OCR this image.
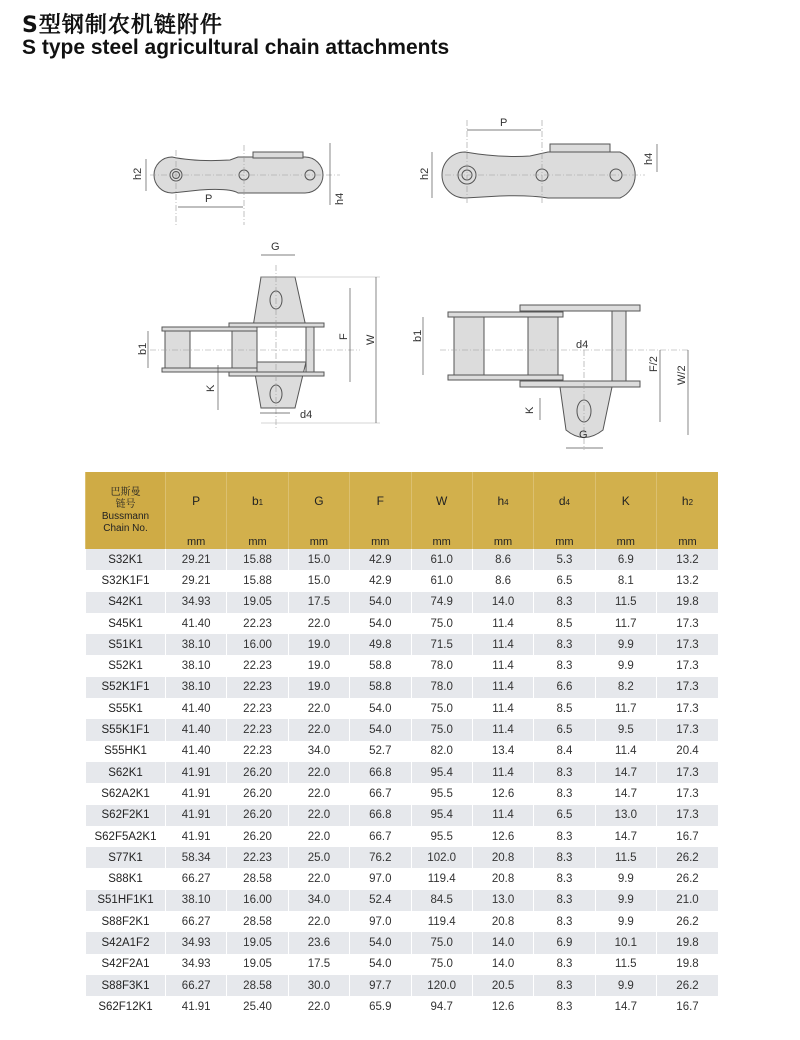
S型钢制农机链附件
S type steel agricultural chain attachments
P
h2
h4
P
h2
h4
G
F W
b1
K
d4
b1
F/2
W/2
K
d4
G
巴斯曼
链号
Bussmann
Chain No.	P	b1	G	F	W	h4	d4	K	h2
	mm	mm	mm	mm	mm	mm	mm	mm	mm
S32K1	29.21	15.88	15.0	42.9	61.0	8.6	5.3	6.9	13.2
S32K1F1	29.21	15.88	15.0	42.9	61.0	8.6	6.5	8.1	13.2
S42K1	34.93	19.05	17.5	54.0	74.9	14.0	8.3	11.5	19.8
S45K1	41.40	22.23	22.0	54.0	75.0	11.4	8.5	11.7	17.3
S51K1	38.10	16.00	19.0	49.8	71.5	11.4	8.3	9.9	17.3
S52K1	38.10	22.23	19.0	58.8	78.0	11.4	8.3	9.9	17.3
S52K1F1	38.10	22.23	19.0	58.8	78.0	11.4	6.6	8.2	17.3
S55K1	41.40	22.23	22.0	54.0	75.0	11.4	8.5	11.7	17.3
S55K1F1	41.40	22.23	22.0	54.0	75.0	11.4	6.5	9.5	17.3
S55HK1	41.40	22.23	34.0	52.7	82.0	13.4	8.4	11.4	20.4
S62K1	41.91	26.20	22.0	66.8	95.4	11.4	8.3	14.7	17.3
S62A2K1	41.91	26.20	22.0	66.7	95.5	12.6	8.3	14.7	17.3
S62F2K1	41.91	26.20	22.0	66.8	95.4	11.4	6.5	13.0	17.3
S62F5A2K1	41.91	26.20	22.0	66.7	95.5	12.6	8.3	14.7	16.7
S77K1	58.34	22.23	25.0	76.2	102.0	20.8	8.3	11.5	26.2
S88K1	66.27	28.58	22.0	97.0	119.4	20.8	8.3	9.9	26.2
S51HF1K1	38.10	16.00	34.0	52.4	84.5	13.0	8.3	9.9	21.0
S88F2K1	66.27	28.58	22.0	97.0	119.4	20.8	8.3	9.9	26.2
S42A1F2	34.93	19.05	23.6	54.0	75.0	14.0	6.9	10.1	19.8
S42F2A1	34.93	19.05	17.5	54.0	75.0	14.0	8.3	11.5	19.8
S88F3K1	66.27	28.58	30.0	97.7	120.0	20.5	8.3	9.9	26.2
S62F12K1	41.91	25.40	22.0	65.9	94.7	12.6	8.3	14.7	16.7
